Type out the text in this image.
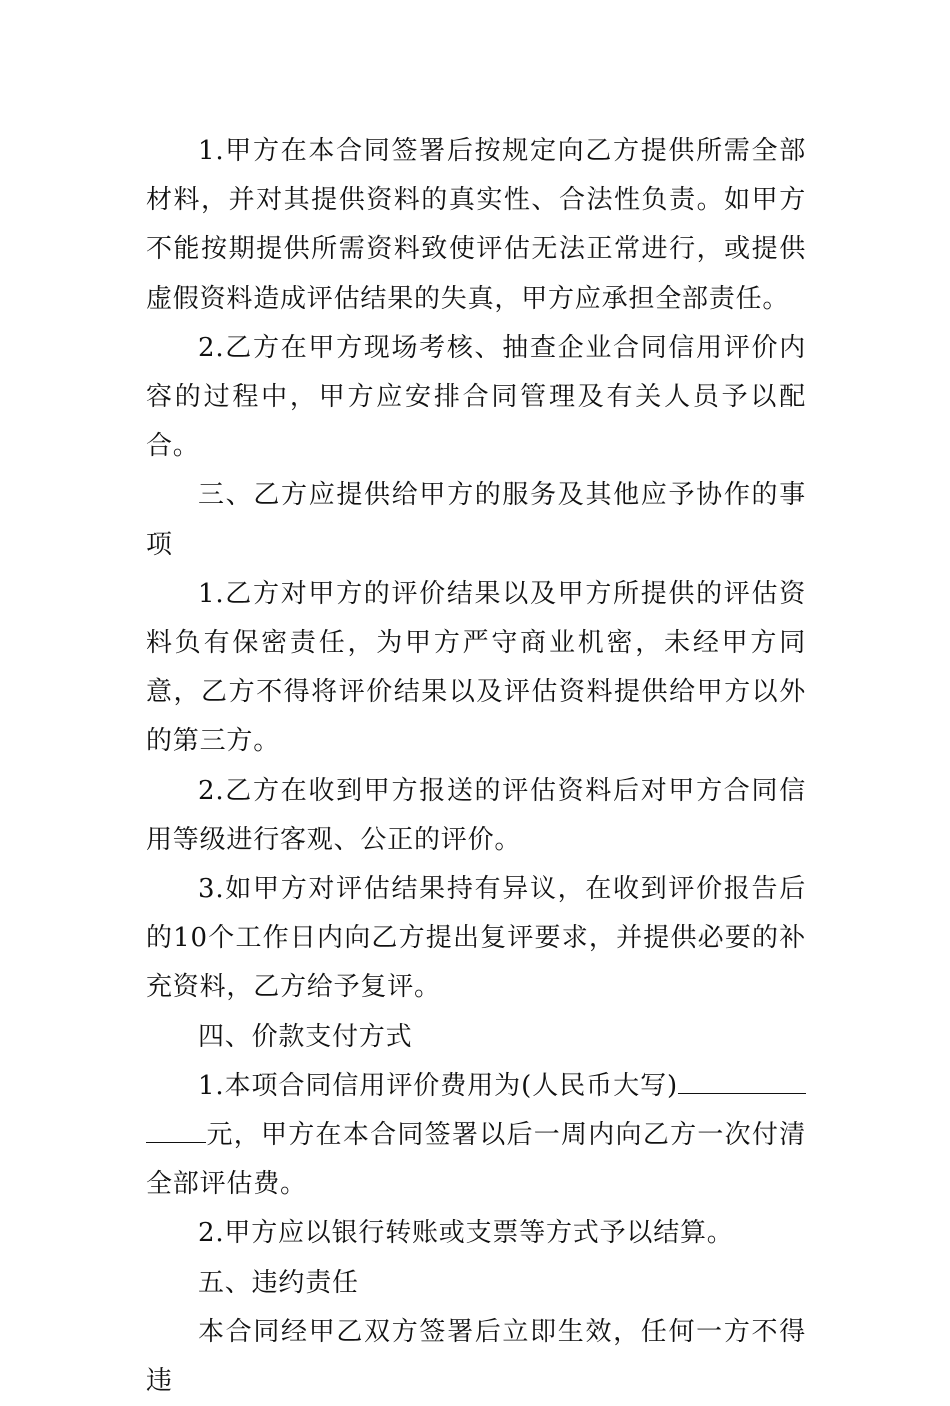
1.甲方在本合同签署后按规定向乙方提供所需全部材料，并对其提供资料的真实性、合法性负责。如甲方不能按期提供所需资料致使评估无法正常进行，或提供虚假资料造成评估结果的失真，甲方应承担全部责任。

2.乙方在甲方现场考核、抽查企业合同信用评价内容的过程中，甲方应安排合同管理及有关人员予以配合。

三、乙方应提供给甲方的服务及其他应予协作的事项

1.乙方对甲方的评价结果以及甲方所提供的评估资料负有保密责任，为甲方严守商业机密，未经甲方同意，乙方不得将评价结果以及评估资料提供给甲方以外的第三方。

2.乙方在收到甲方报送的评估资料后对甲方合同信用等级进行客观、公正的评价。

3.如甲方对评估结果持有异议，在收到评价报告后的10个工作日内向乙方提出复评要求，并提供必要的补充资料，乙方给予复评。

四、价款支付方式

1.本项合同信用评价费用为(人民币大写)元，甲方在本合同签署以后一周内向乙方一次付清全部评估费。

2.甲方应以银行转账或支票等方式予以结算。

五、违约责任

本合同经甲乙双方签署后立即生效，任何一方不得违
